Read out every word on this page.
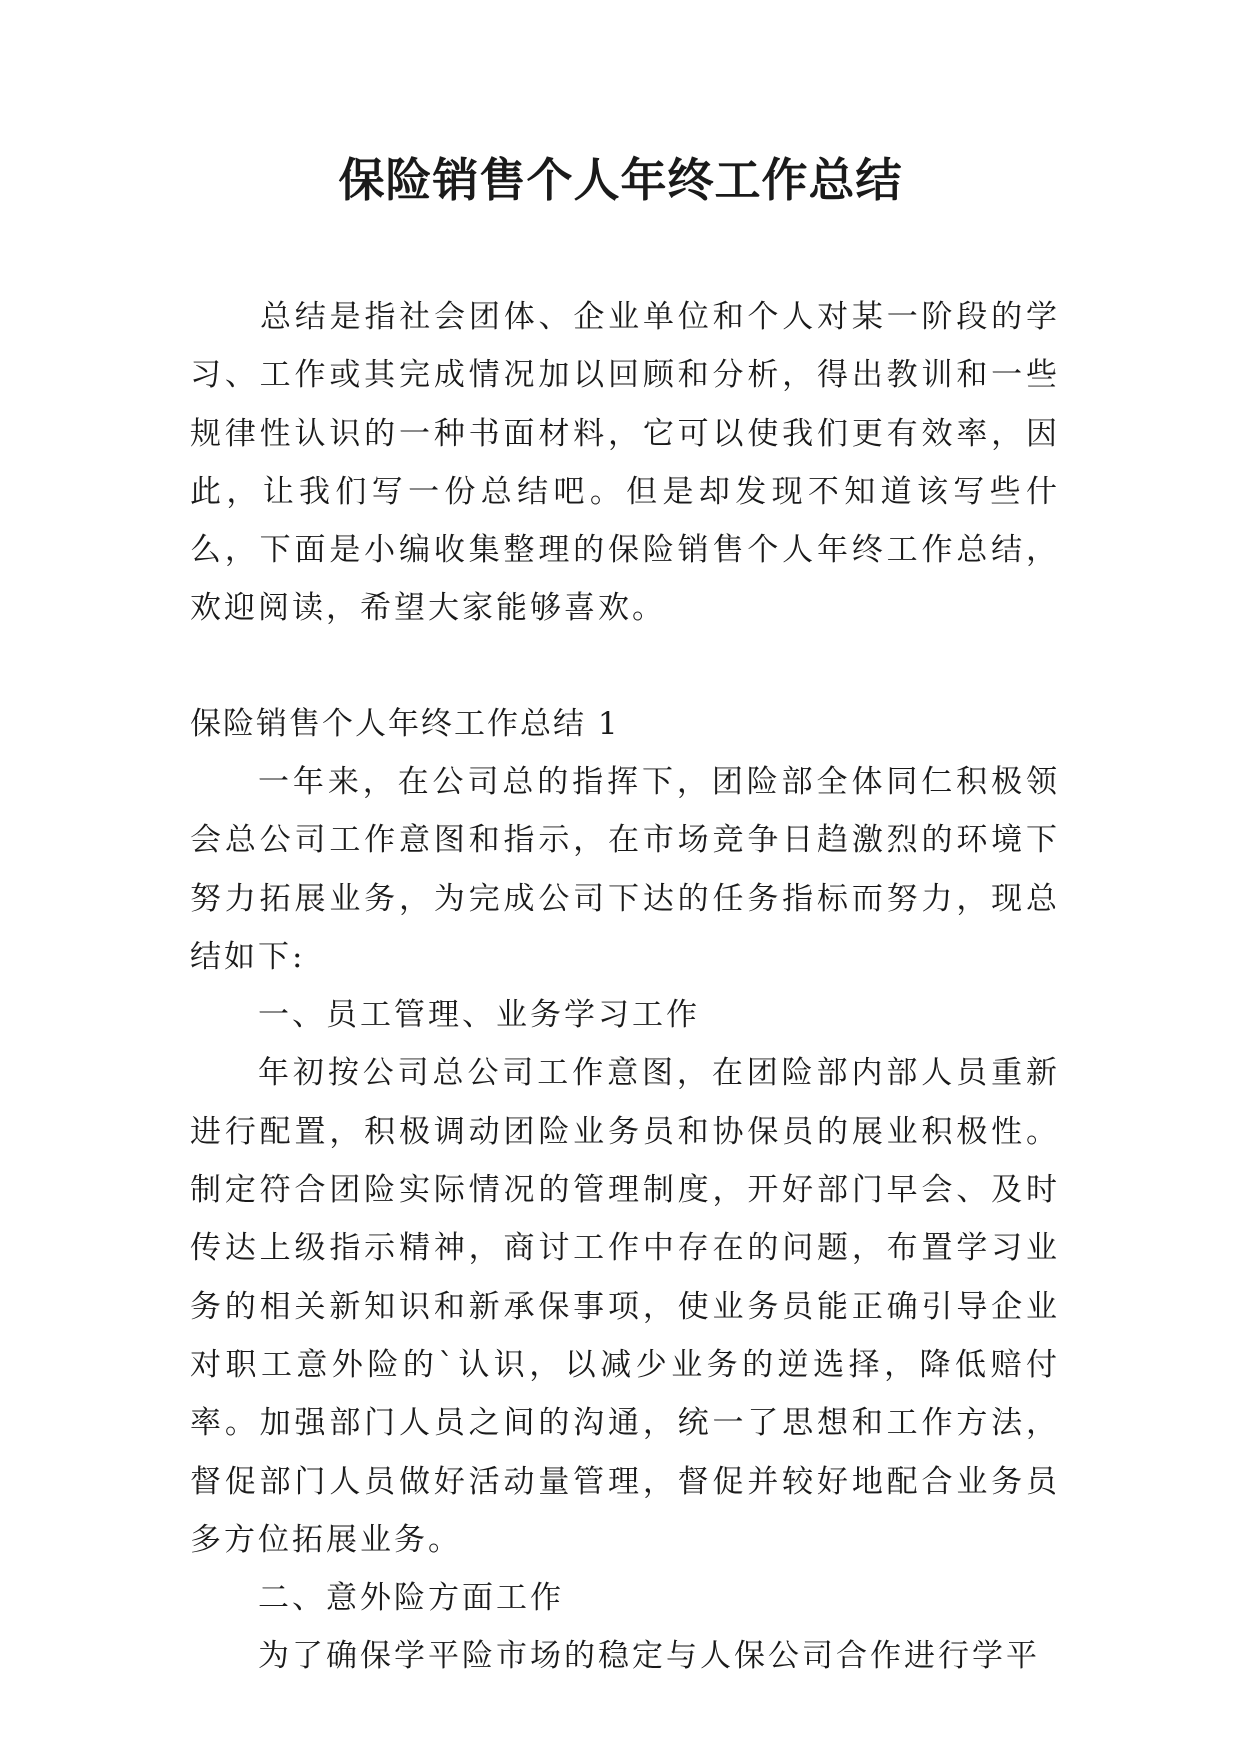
保险销售个人年终工作总结

总结是指社会团体、企业单位和个人对某一阶段的学习、工作或其完成情况加以回顾和分析，得出教训和一些规律性认识的一种书面材料，它可以使我们更有效率，因此，让我们写一份总结吧。但是却发现不知道该写些什么，下面是小编收集整理的保险销售个人年终工作总结，欢迎阅读，希望大家能够喜欢。

保险销售个人年终工作总结 1

一年来，在公司总的指挥下，团险部全体同仁积极领会总公司工作意图和指示，在市场竞争日趋激烈的环境下努力拓展业务，为完成公司下达的任务指标而努力，现总结如下:

一、员工管理、业务学习工作

年初按公司总公司工作意图，在团险部内部人员重新进行配置，积极调动团险业务员和协保员的展业积极性。制定符合团险实际情况的管理制度，开好部门早会、及时传达上级指示精神，商讨工作中存在的问题，布置学习业务的相关新知识和新承保事项，使业务员能正确引导企业对职工意外险的`认识，以减少业务的逆选择，降低赔付率。加强部门人员之间的沟通，统一了思想和工作方法，督促部门人员做好活动量管理，督促并较好地配合业务员多方位拓展业务。

二、意外险方面工作

为了确保学平险市场的稳定与人保公司合作进行学平
